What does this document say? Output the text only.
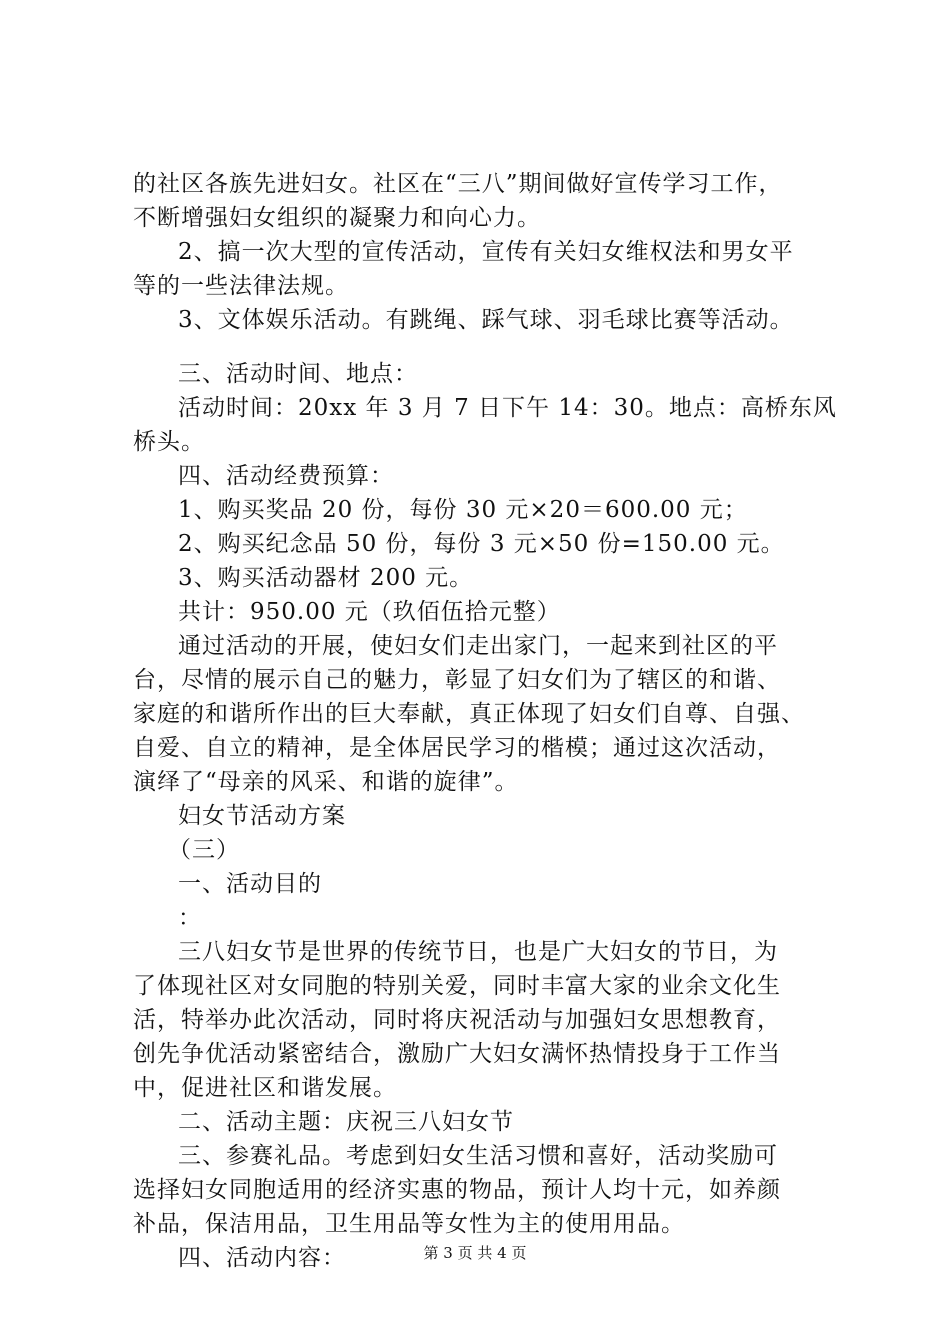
的社区各族先进妇女。社区在“三八”期间做好宣传学习工作，
不断增强妇女组织的凝聚力和向心力。
2、搞一次大型的宣传活动，宣传有关妇女维权法和男女平
等的一些法律法规。
3、文体娱乐活动。有跳绳、踩气球、羽毛球比赛等活动。
三、活动时间、地点：
活动时间：20xx 年 3 月 7 日下午 14：30。地点：高桥东风
桥头。
四、活动经费预算：
1、购买奖品 20 份，每份 30 元×20＝600.00 元；
2、购买纪念品 50 份，每份 3 元×50 份=150.00 元。
3、购买活动器材 200 元。
共计：950.00 元（玖佰伍拾元整）
通过活动的开展，使妇女们走出家门，一起来到社区的平
台，尽情的展示自己的魅力，彰显了妇女们为了辖区的和谐、
家庭的和谐所作出的巨大奉献，真正体现了妇女们自尊、自强、
自爱、自立的精神，是全体居民学习的楷模；通过这次活动，
演绎了“母亲的风采、和谐的旋律”。
妇女节活动方案
（三）
一、活动目的
：
三八妇女节是世界的传统节日，也是广大妇女的节日，为
了体现社区对女同胞的特别关爱，同时丰富大家的业余文化生
活，特举办此次活动，同时将庆祝活动与加强妇女思想教育，
创先争优活动紧密结合，激励广大妇女满怀热情投身于工作当
中，促进社区和谐发展。
二、活动主题：庆祝三八妇女节
三、参赛礼品。考虑到妇女生活习惯和喜好，活动奖励可
选择妇女同胞适用的经济实惠的物品，预计人均十元，如养颜
补品，保洁用品，卫生用品等女性为主的使用用品。
四、活动内容：	第 3 页 共 4 页
